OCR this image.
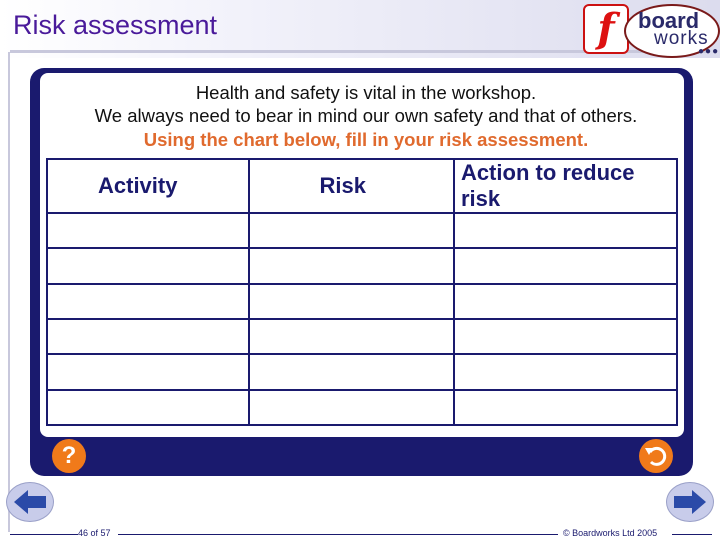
Risk assessment	f	board
works
●●●
Health and safety is vital in the workshop.
We always need to bear in mind our own safety and that of others.
Using the chart below, fill in your risk assessment.
Activity	Risk	Action to reduce risk

?
46 of 57	© Boardworks Ltd 2005
